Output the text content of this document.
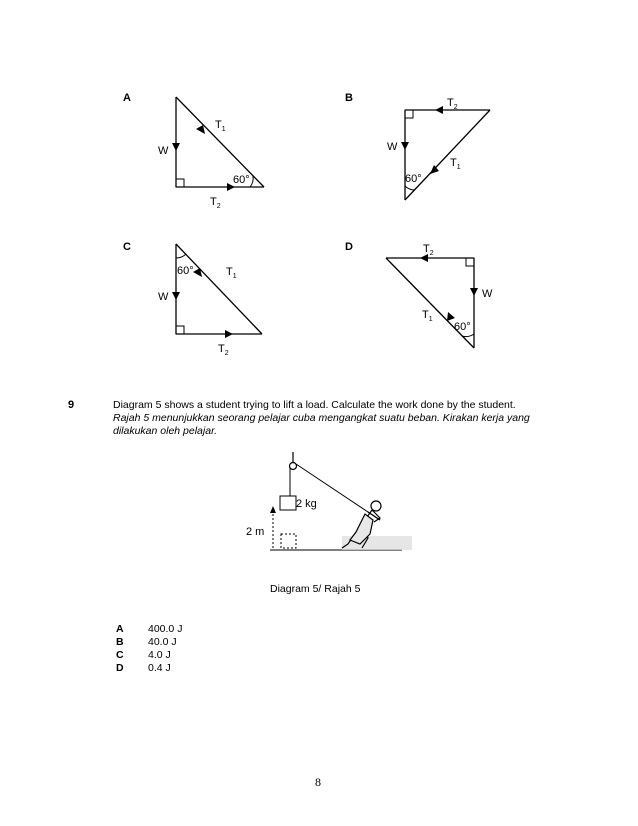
A
W
$T_1$
$T_2$
60°
B
W
$T_2$
$T_1$
60°
C
W
$T_1$
$T_2$
60°
D
W
$T_2$
$T_1$
60°
9	Diagram 5 shows a student trying to lift a load. Calculate the work done by the student.
Rajah 5 menunjukkan seorang pelajar cuba mengangkat suatu beban. Kirakan kerja yang dilakukan oleh pelajar.
2 kg
2 m
Diagram 5/ Rajah 5
A 400.0 J
B 40.0 J
C 4.0 J
D 0.4 J
8
